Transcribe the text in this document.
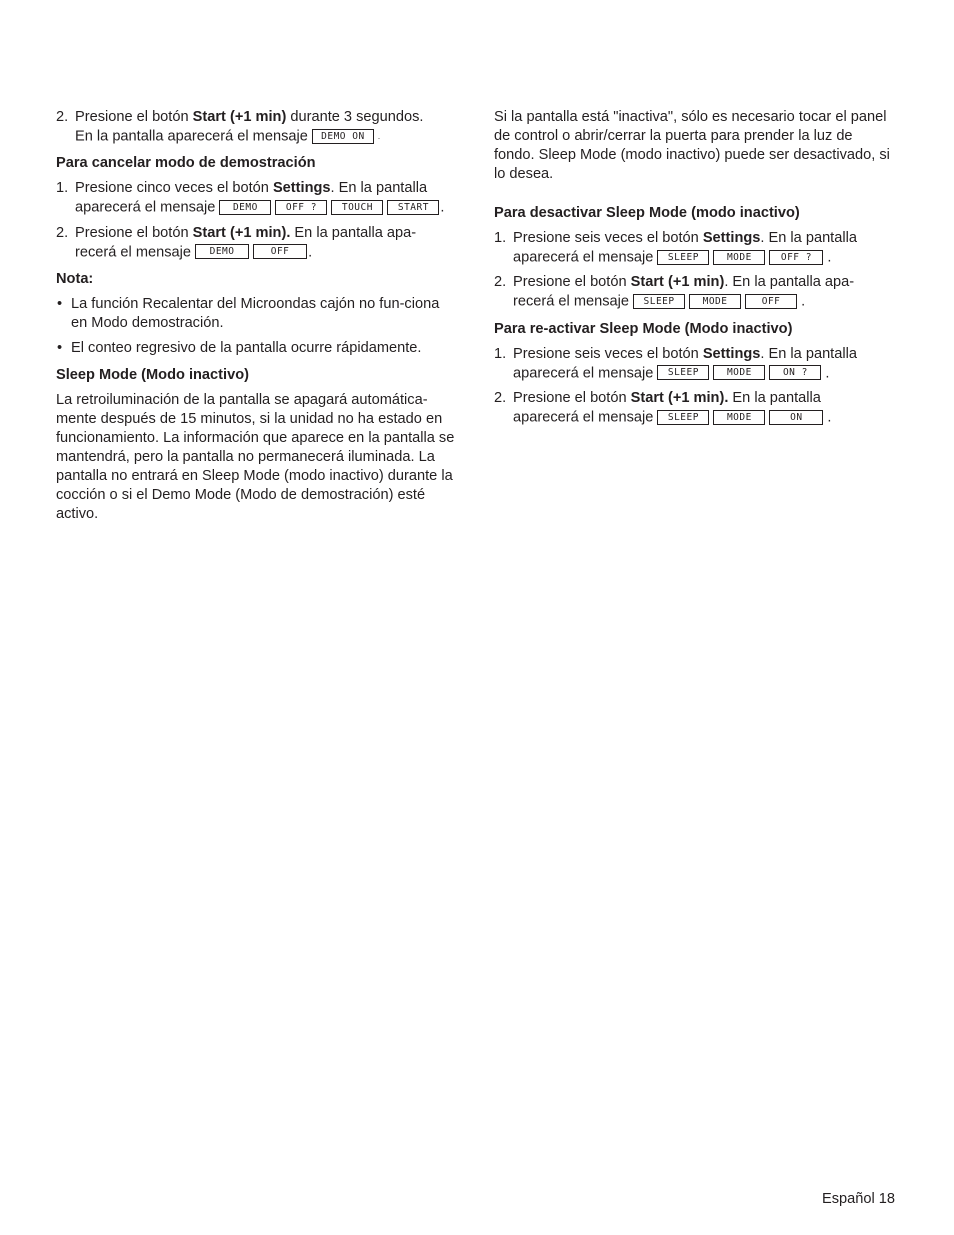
2. Presione el botón Start (+1 min) durante 3 segundos.
En la pantalla aparecerá el mensaje DEMO ON .

Para cancelar modo de demostración

1. Presione cinco veces el botón Settings. En la pantalla
aparecerá el mensaje DEMO	OFF ?	TOUCH	START .
2. Presione el botón Start (+1 min). En la pantalla apa-
recerá el mensaje DEMO	OFF .

Nota:

• La función Recalentar del Microondas cajón no fun-ciona en Modo demostración.
• El conteo regresivo de la pantalla ocurre rápidamente.

Sleep Mode (Modo inactivo)

La retroiluminación de la pantalla se apagará automática-mente después de 15 minutos, si la unidad no ha estado en funcionamiento. La información que aparece en la pantalla se mantendrá, pero la pantalla no permanecerá iluminada. La pantalla no entrará en Sleep Mode (modo inactivo) durante la cocción o si el Demo Mode (Modo de demostración) esté activo.

Si la pantalla está "inactiva", sólo es necesario tocar el panel de control o abrir/cerrar la puerta para prender la luz de fondo. Sleep Mode (modo inactivo) puede ser desactivado, si lo desea.

Para desactivar Sleep Mode (modo inactivo)

1. Presione seis veces el botón Settings. En la pantalla
aparecerá el mensaje SLEEP	MODE	OFF ? .
2. Presione el botón Start (+1 min). En la pantalla apa-
recerá el mensaje SLEEP	MODE	OFF .

Para re-activar Sleep Mode (Modo inactivo)

1. Presione seis veces el botón Settings. En la pantalla
aparecerá el mensaje SLEEP	MODE	ON ? .
2. Presione el botón Start (+1 min). En la pantalla
aparecerá el mensaje SLEEP	MODE	ON .
Español 18
